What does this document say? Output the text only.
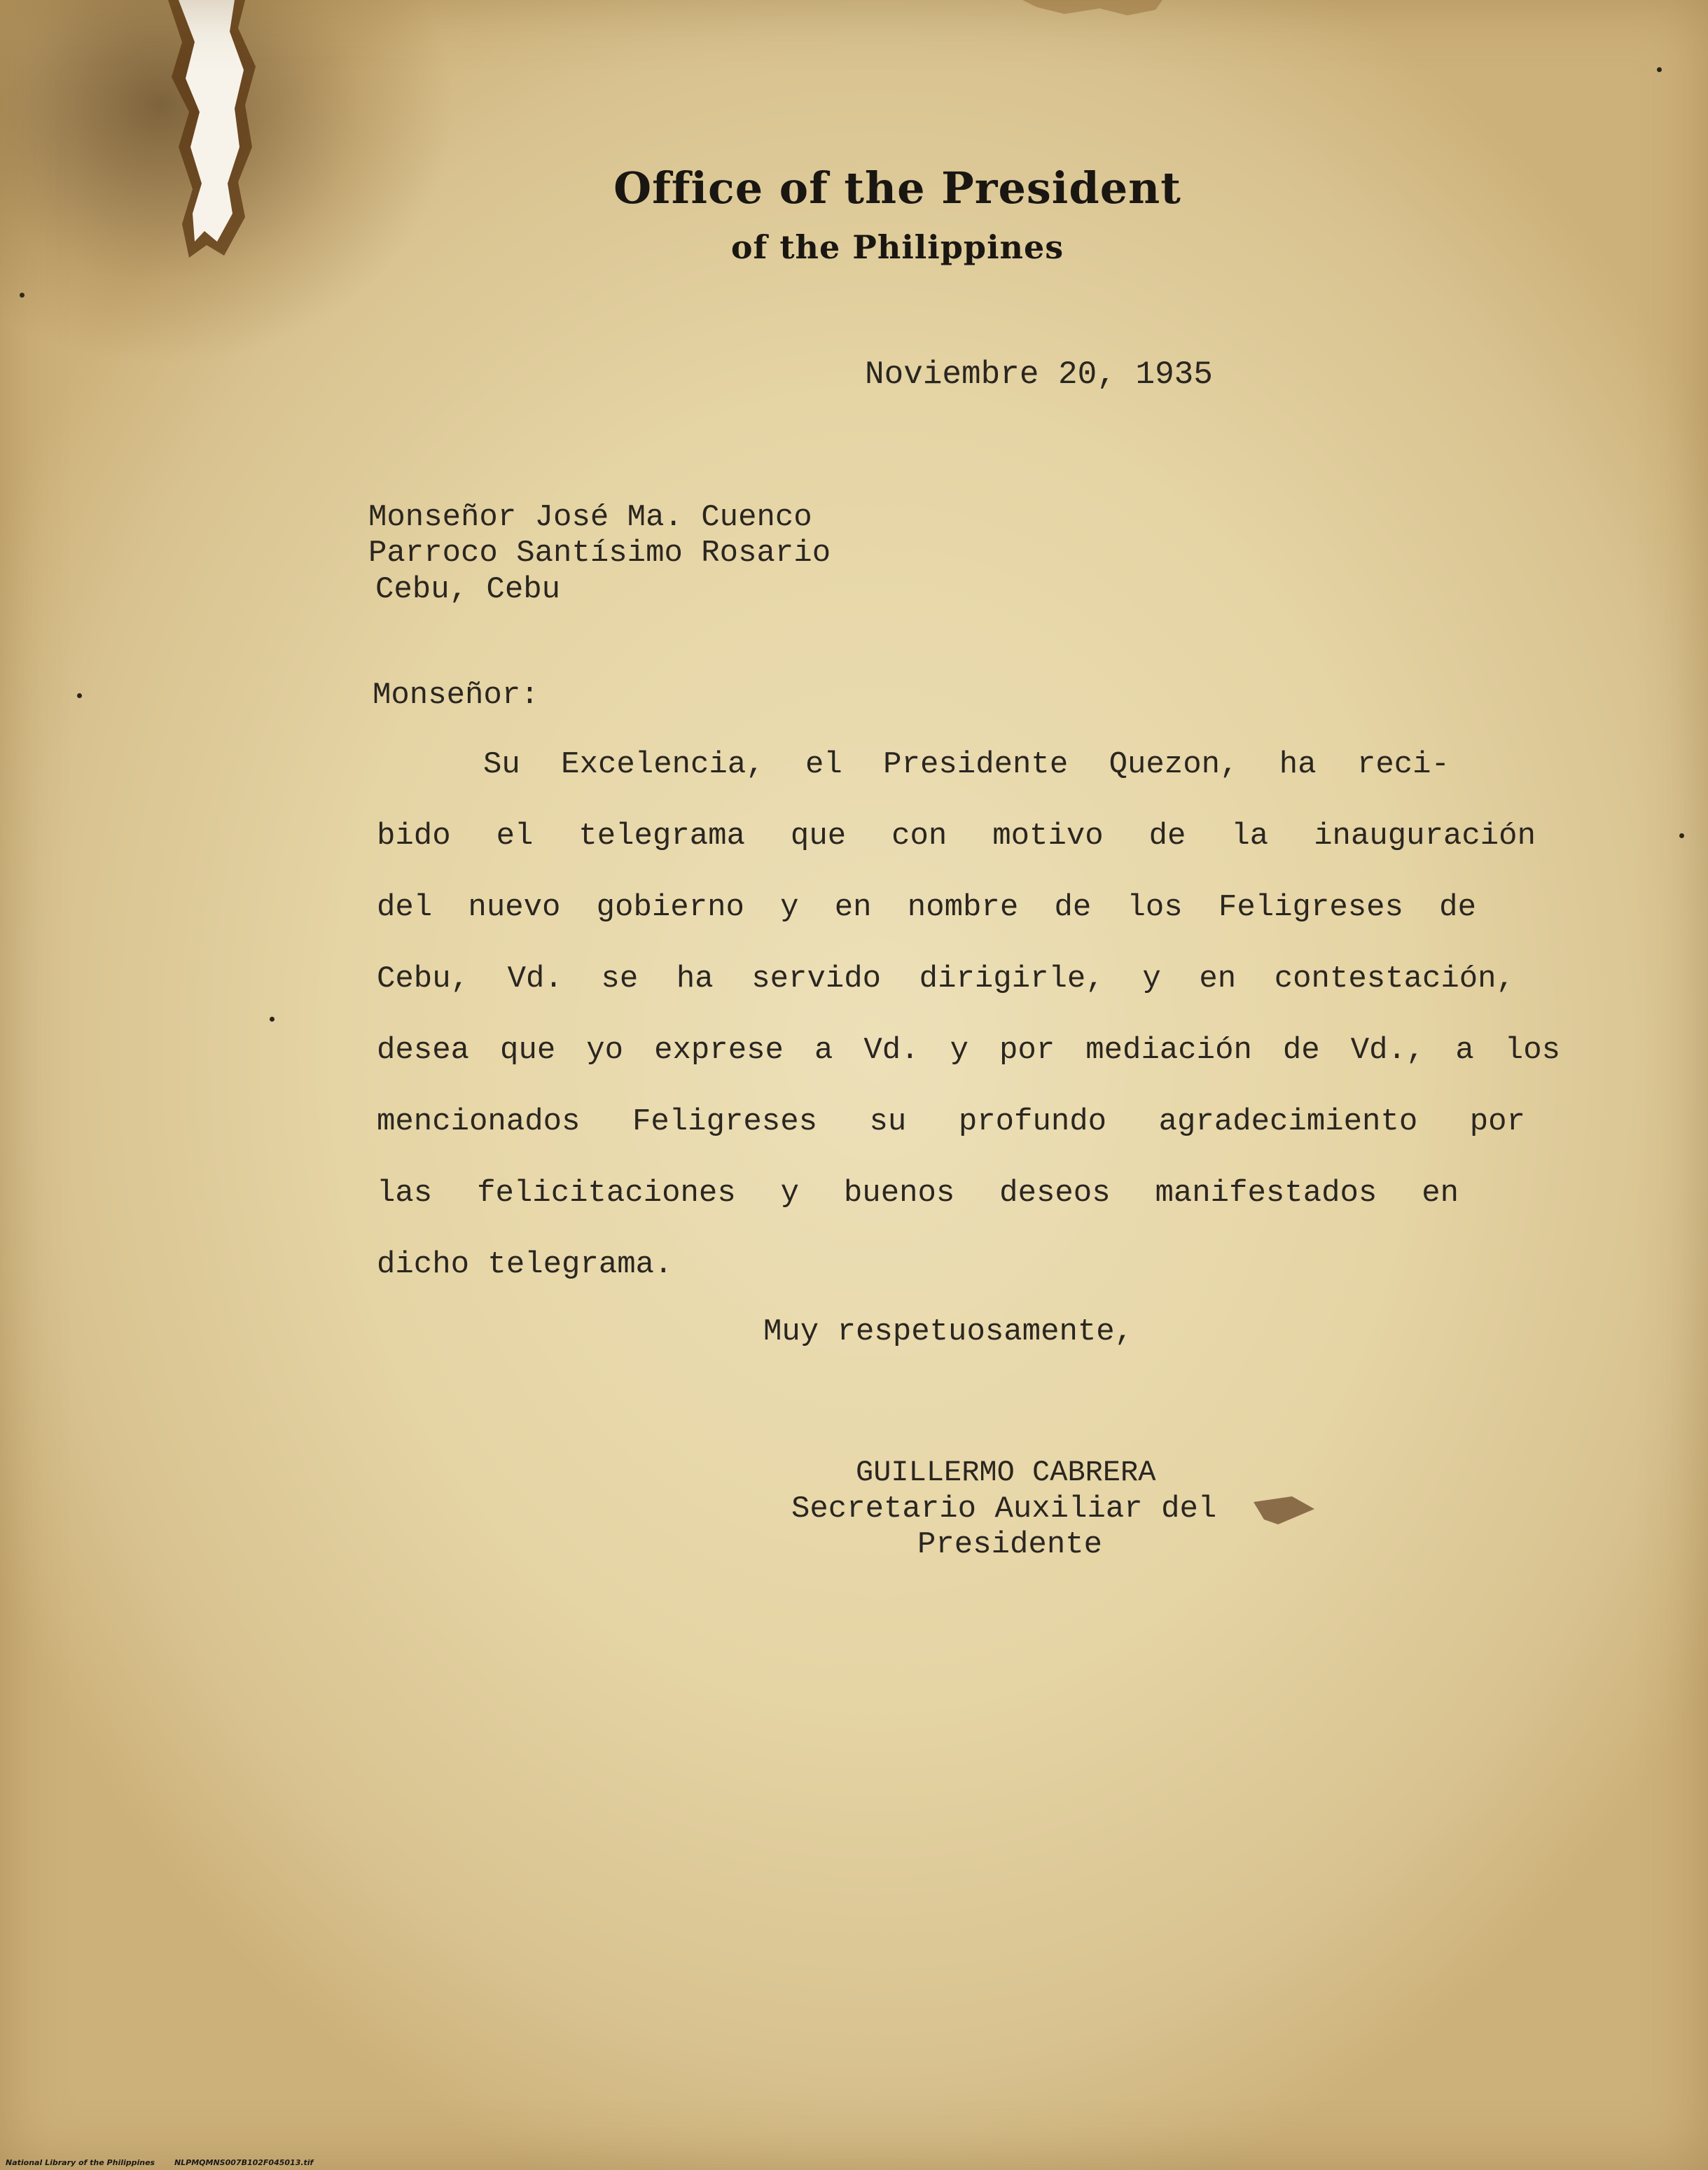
Office of the President
of the Philippines
Noviembre 20, 1935
Monseñor José Ma. Cuenco
Parroco Santísimo Rosario
Cebu, Cebu
Monseñor:
Su Excelencia, el Presidente Quezon, ha reci-
bido el telegrama que con motivo de la inauguración
del nuevo gobierno y en nombre de los Feligreses de
Cebu, Vd. se ha servido dirigirle, y en contestación,
desea que yo exprese a Vd. y por mediación de Vd., a los
mencionados Feligreses su profundo agradecimiento por
las felicitaciones y buenos deseos manifestados en
dicho telegrama.
Muy respetuosamente,
GUILLERMO CABRERA
Secretario Auxiliar del
Presidente
National Library of the Philippines	NLPMQMNS007B102F045013.tif
